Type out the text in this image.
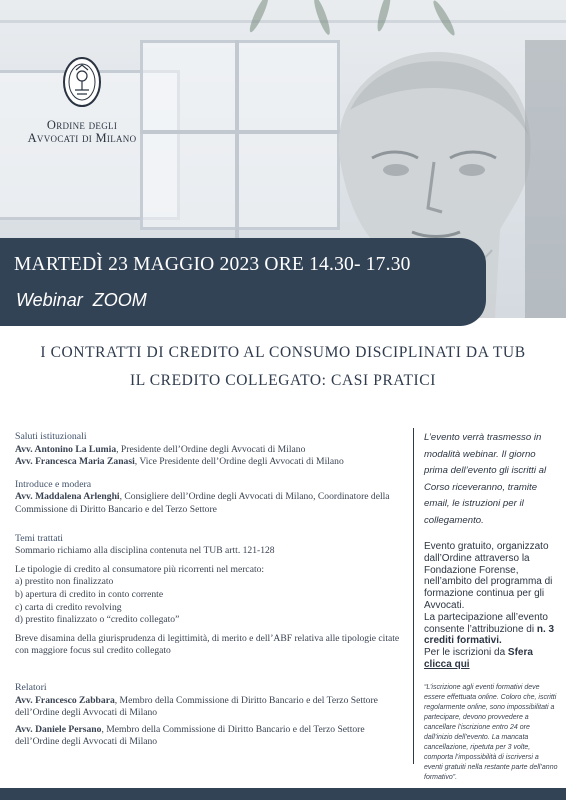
Ordine degli
Avvocati di Milano
MARTEDÌ 23 MAGGIO 2023 ORE 14.30- 17.30
Webinar  ZOOM
I CONTRATTI DI CREDITO AL CONSUMO DISCIPLINATI DA TUB
IL CREDITO COLLEGATO: CASI PRATICI

Saluti istituzionali

Avv. Antonino La Lumia, Presidente dell’Ordine degli Avvocati di Milano

Avv. Francesca Maria Zanasi, Vice Presidente dell’Ordine degli Avvocati di Milano

Introduce e modera

Avv. Maddalena Arlenghi, Consigliere dell’Ordine degli Avvocati di Milano, Coordinatore della Commissione di Diritto Bancario e del Terzo Settore

Temi trattati

Sommario richiamo alla disciplina contenuta nel TUB artt. 121-128

Le tipologie di credito al consumatore più ricorrenti nel mercato:

a) prestito non finalizzato

b) apertura di credito in conto corrente

c) carta di credito revolving

d) prestito finalizzato o “credito collegato”

Breve disamina della giurisprudenza di legittimità, di merito e dell’ABF relativa alle tipologie citate con maggiore focus sul credito collegato

Relatori

Avv. Francesco Zabbara, Membro della Commissione di Diritto Bancario e del Terzo Settore dell’Ordine degli Avvocati di Milano

Avv. Daniele Persano, Membro della Commissione di Diritto Bancario e del Terzo Settore dell’Ordine degli Avvocati di Milano

L’evento verrà trasmesso in modalità webinar. Il giorno prima dell’evento gli iscritti al Corso riceveranno, tramite email, le istruzioni per il collegamento.

Evento gratuito, organizzato dall’Ordine attraverso la Fondazione Forense, nell’ambito del programma di formazione continua per gli Avvocati.

La partecipazione all’evento consente l’attribuzione di n. 3 crediti formativi.

Per le iscrizioni da Sfera
clicca qui

“L’iscrizione agli eventi formativi deve essere effettuata online. Coloro che, iscritti regolarmente online, sono impossibilitati a partecipare, devono provvedere a cancellare l’iscrizione entro 24 ore dall’inizio dell’evento. La mancata cancellazione, ripetuta per 3 volte, comporta l’impossibilità di iscriversi a eventi gratuiti nella restante parte dell’anno formativo”.
